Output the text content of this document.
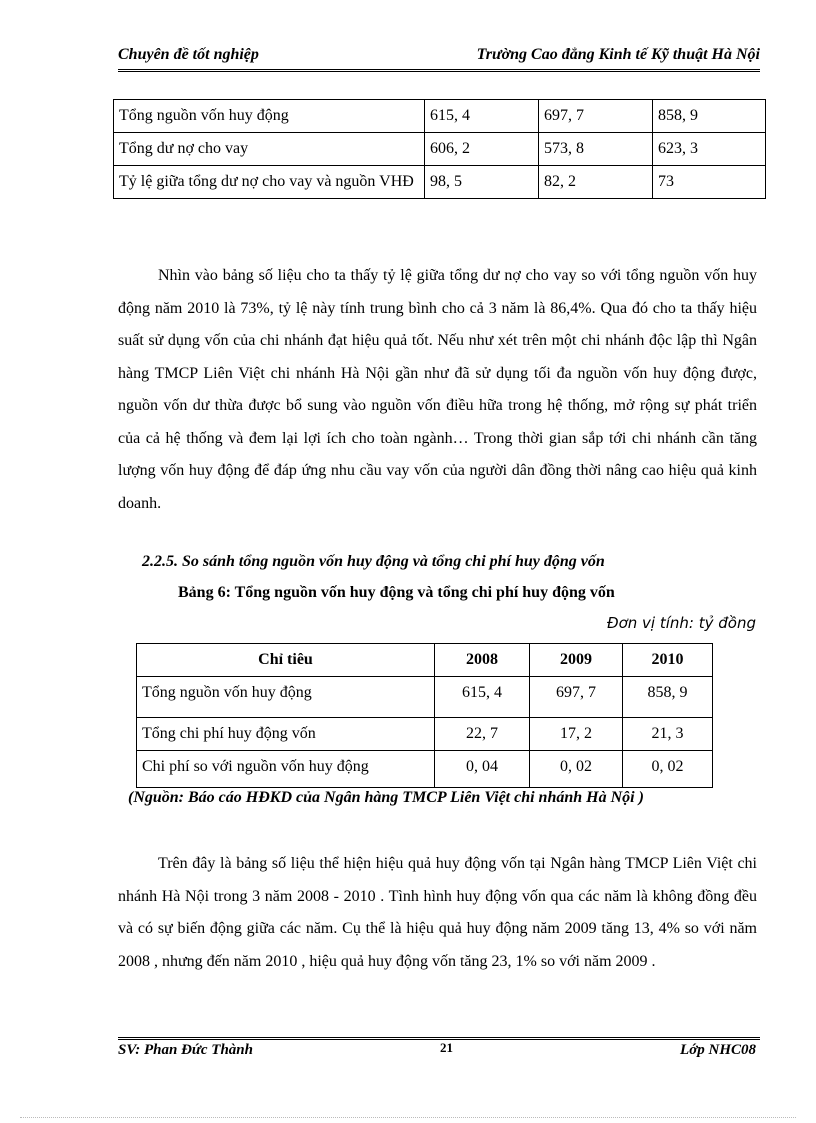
Chuyên đề tốt nghiệp	Trường Cao đẳng Kinh tế Kỹ thuật Hà Nội
Tổng nguồn vốn huy động	615, 4	697, 7	858, 9
Tổng dư nợ cho vay	606, 2	573, 8	623, 3
Tỷ lệ giữa tổng dư nợ cho vay và nguồn VHĐ	98, 5	82, 2	73

Nhìn vào bảng số liệu cho ta thấy tỷ lệ giữa tổng dư nợ cho vay so với tổng nguồn vốn huy động năm 2010 là 73%, tỷ lệ này tính trung bình cho cả 3 năm là 86,4%. Qua đó cho ta thấy hiệu suất sử dụng vốn của chi nhánh đạt hiệu quả tốt. Nếu như xét trên một chi nhánh độc lập thì Ngân hàng TMCP Liên Việt chi nhánh Hà Nội gần như đã sử dụng tối đa nguồn vốn huy động được, nguồn vốn dư thừa được bổ sung vào nguồn vốn điều hữa trong hệ thống, mở rộng sự phát triển của cả hệ thống và đem lại lợi ích cho toàn ngành… Trong thời gian sắp tới chi nhánh cần tăng lượng vốn huy động để đáp ứng nhu cầu vay vốn của người dân đồng thời nâng cao hiệu quả kinh doanh.

2.2.5. So sánh tổng nguồn vốn huy động và tổng chi phí huy động vốn
Bảng 6: Tổng nguồn vốn huy động và tổng chi phí huy động vốn
Đơn vị tính: tỷ đồng
Chỉ tiêu	2008	2009	2010
Tổng nguồn vốn huy động	615, 4	697, 7	858, 9
Tổng chi phí huy động vốn	22, 7	17, 2	21, 3
Chi phí so với nguồn vốn huy động	0, 04	0, 02	0, 02
(Nguồn: Báo cáo HĐKD của Ngân hàng TMCP Liên Việt chi nhánh Hà Nội )

Trên đây là bảng số liệu thể hiện hiệu quả huy động vốn tại Ngân hàng TMCP Liên Việt chi nhánh Hà Nội trong 3 năm 2008 - 2010 . Tình hình huy động vốn qua các năm là không đồng đều và có sự biến động giữa các năm. Cụ thể là hiệu quả huy động năm 2009 tăng 13, 4% so với năm 2008 , nhưng đến năm 2010 , hiệu quả huy động vốn tăng 23, 1% so với năm 2009 .

SV: Phan Đức Thành	21	Lớp NHC08
